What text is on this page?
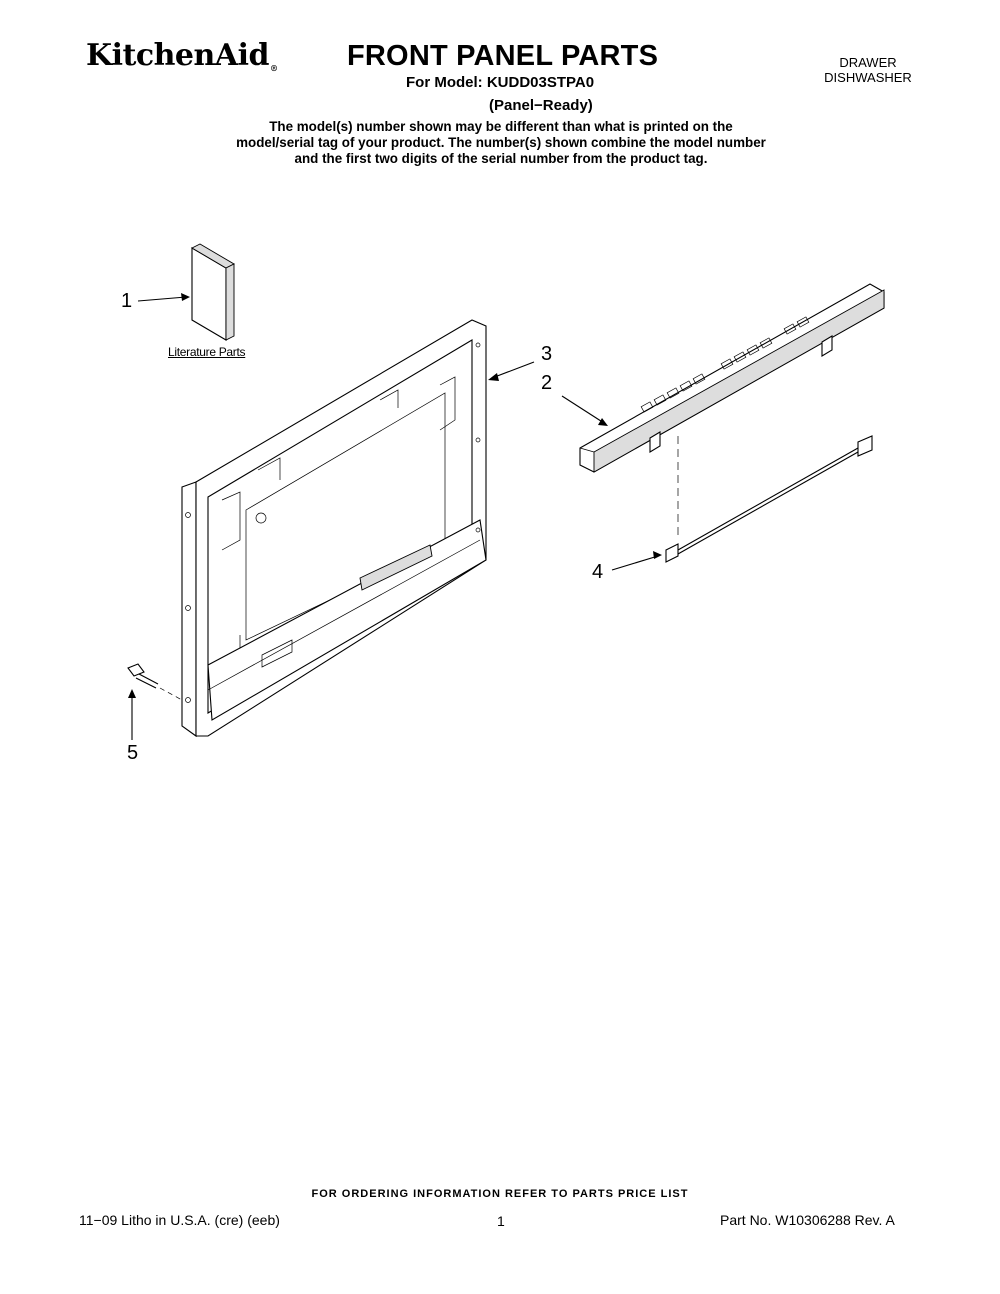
KitchenAid® FRONT PANEL PARTS
For Model: KUDD03STPA0
(Panel−Ready)
DRAWER
DISHWASHER
The model(s) number shown may be different than what is printed on the model/serial tag of your product. The number(s) shown combine the model number and the first two digits of the serial number from the product tag.
Literature Parts
1
2
3
4
5
FOR ORDERING INFORMATION REFER TO PARTS PRICE LIST
11−09 Litho in U.S.A. (cre) (eeb)	1	Part No. W10306288 Rev. A
